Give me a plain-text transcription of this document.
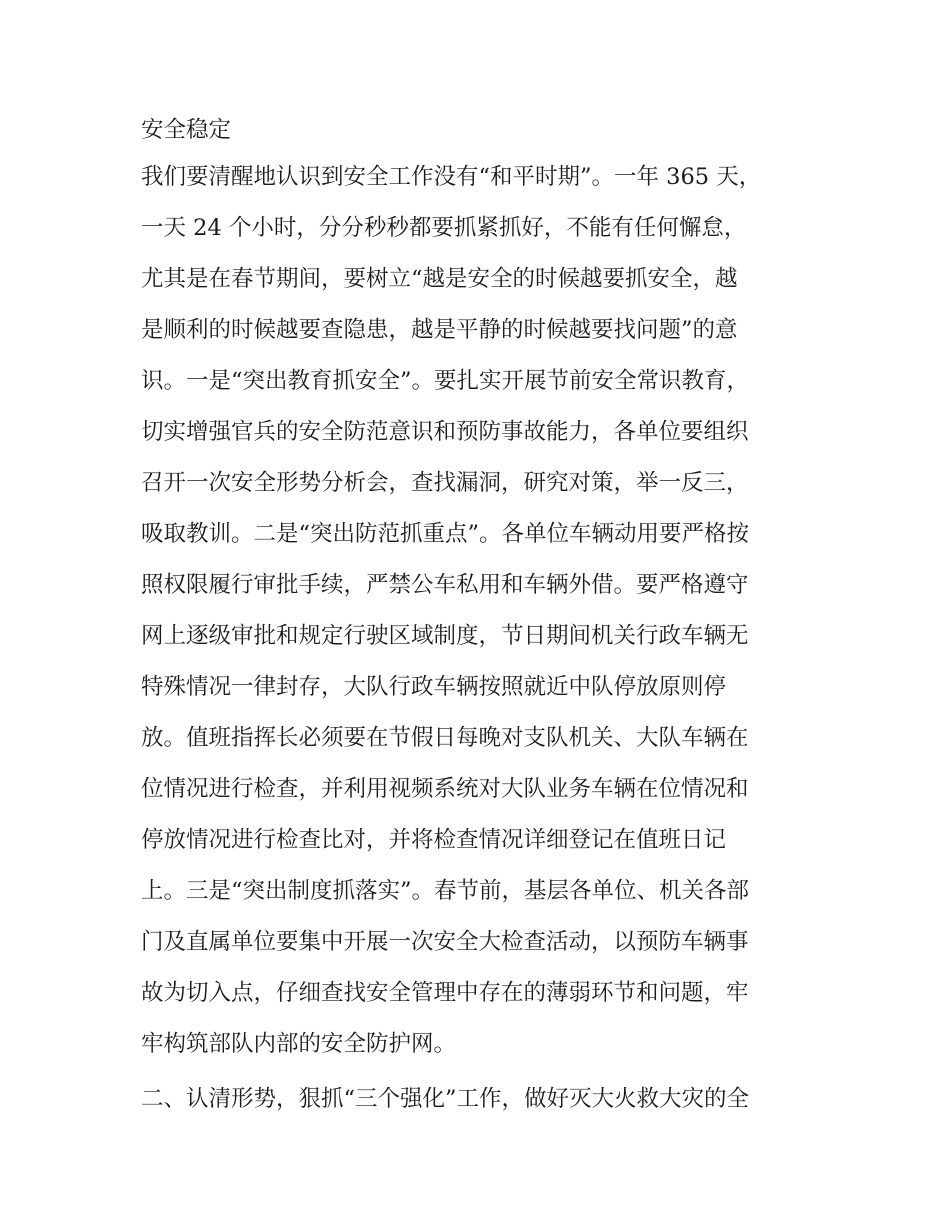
安全稳定
我们要清醒地认识到安全工作没有“和平时期”。一年 365 天，
一天 24 个小时，分分秒秒都要抓紧抓好，不能有任何懈怠，
尤其是在春节期间，要树立“越是安全的时候越要抓安全，越
是顺利的时候越要查隐患，越是平静的时候越要找问题”的意
识。一是“突出教育抓安全”。要扎实开展节前安全常识教育，
切实增强官兵的安全防范意识和预防事故能力，各单位要组织
召开一次安全形势分析会，查找漏洞，研究对策，举一反三，
吸取教训。二是“突出防范抓重点”。各单位车辆动用要严格按
照权限履行审批手续，严禁公车私用和车辆外借。要严格遵守
网上逐级审批和规定行驶区域制度，节日期间机关行政车辆无
特殊情况一律封存，大队行政车辆按照就近中队停放原则停
放。值班指挥长必须要在节假日每晚对支队机关、大队车辆在
位情况进行检查，并利用视频系统对大队业务车辆在位情况和
停放情况进行检查比对，并将检查情况详细登记在值班日记
上。三是“突出制度抓落实”。春节前，基层各单位、机关各部
门及直属单位要集中开展一次安全大检查活动，以预防车辆事
故为切入点，仔细查找安全管理中存在的薄弱环节和问题，牢
牢构筑部队内部的安全防护网。
二、认清形势，狠抓“三个强化”工作，做好灭大火救大灾的全
